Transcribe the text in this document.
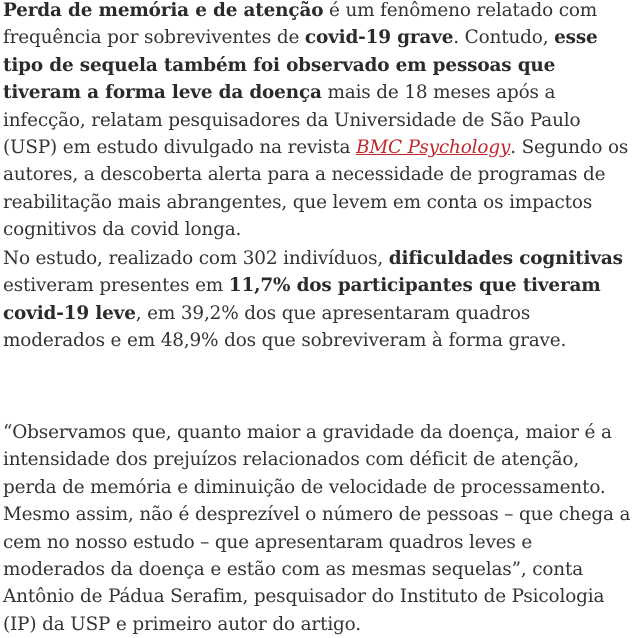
Perda de memória e de atenção é um fenômeno relatado com frequência por sobreviventes de covid-19 grave. Contudo, esse tipo de sequela também foi observado em pessoas que tiveram a forma leve da doença mais de 18 meses após a infecção, relatam pesquisadores da Universidade de São Paulo (USP) em estudo divulgado na revista BMC Psychology. Segundo os autores, a descoberta alerta para a necessidade de programas de reabilitação mais abrangentes, que levem em conta os impactos cognitivos da covid longa.

No estudo, realizado com 302 indivíduos, dificuldades cognitivas estiveram presentes em 11,7% dos participantes que tiveram covid-19 leve, em 39,2% dos que apresentaram quadros moderados e em 48,9% dos que sobreviveram à forma grave.

“Observamos que, quanto maior a gravidade da doença, maior é a intensidade dos prejuízos relacionados com déficit de atenção, perda de memória e diminuição de velocidade de processamento. Mesmo assim, não é desprezível o número de pessoas – que chega a cem no nosso estudo – que apresentaram quadros leves e moderados da doença e estão com as mesmas sequelas”, conta Antônio de Pádua Serafim, pesquisador do Instituto de Psicologia (IP) da USP e primeiro autor do artigo.
